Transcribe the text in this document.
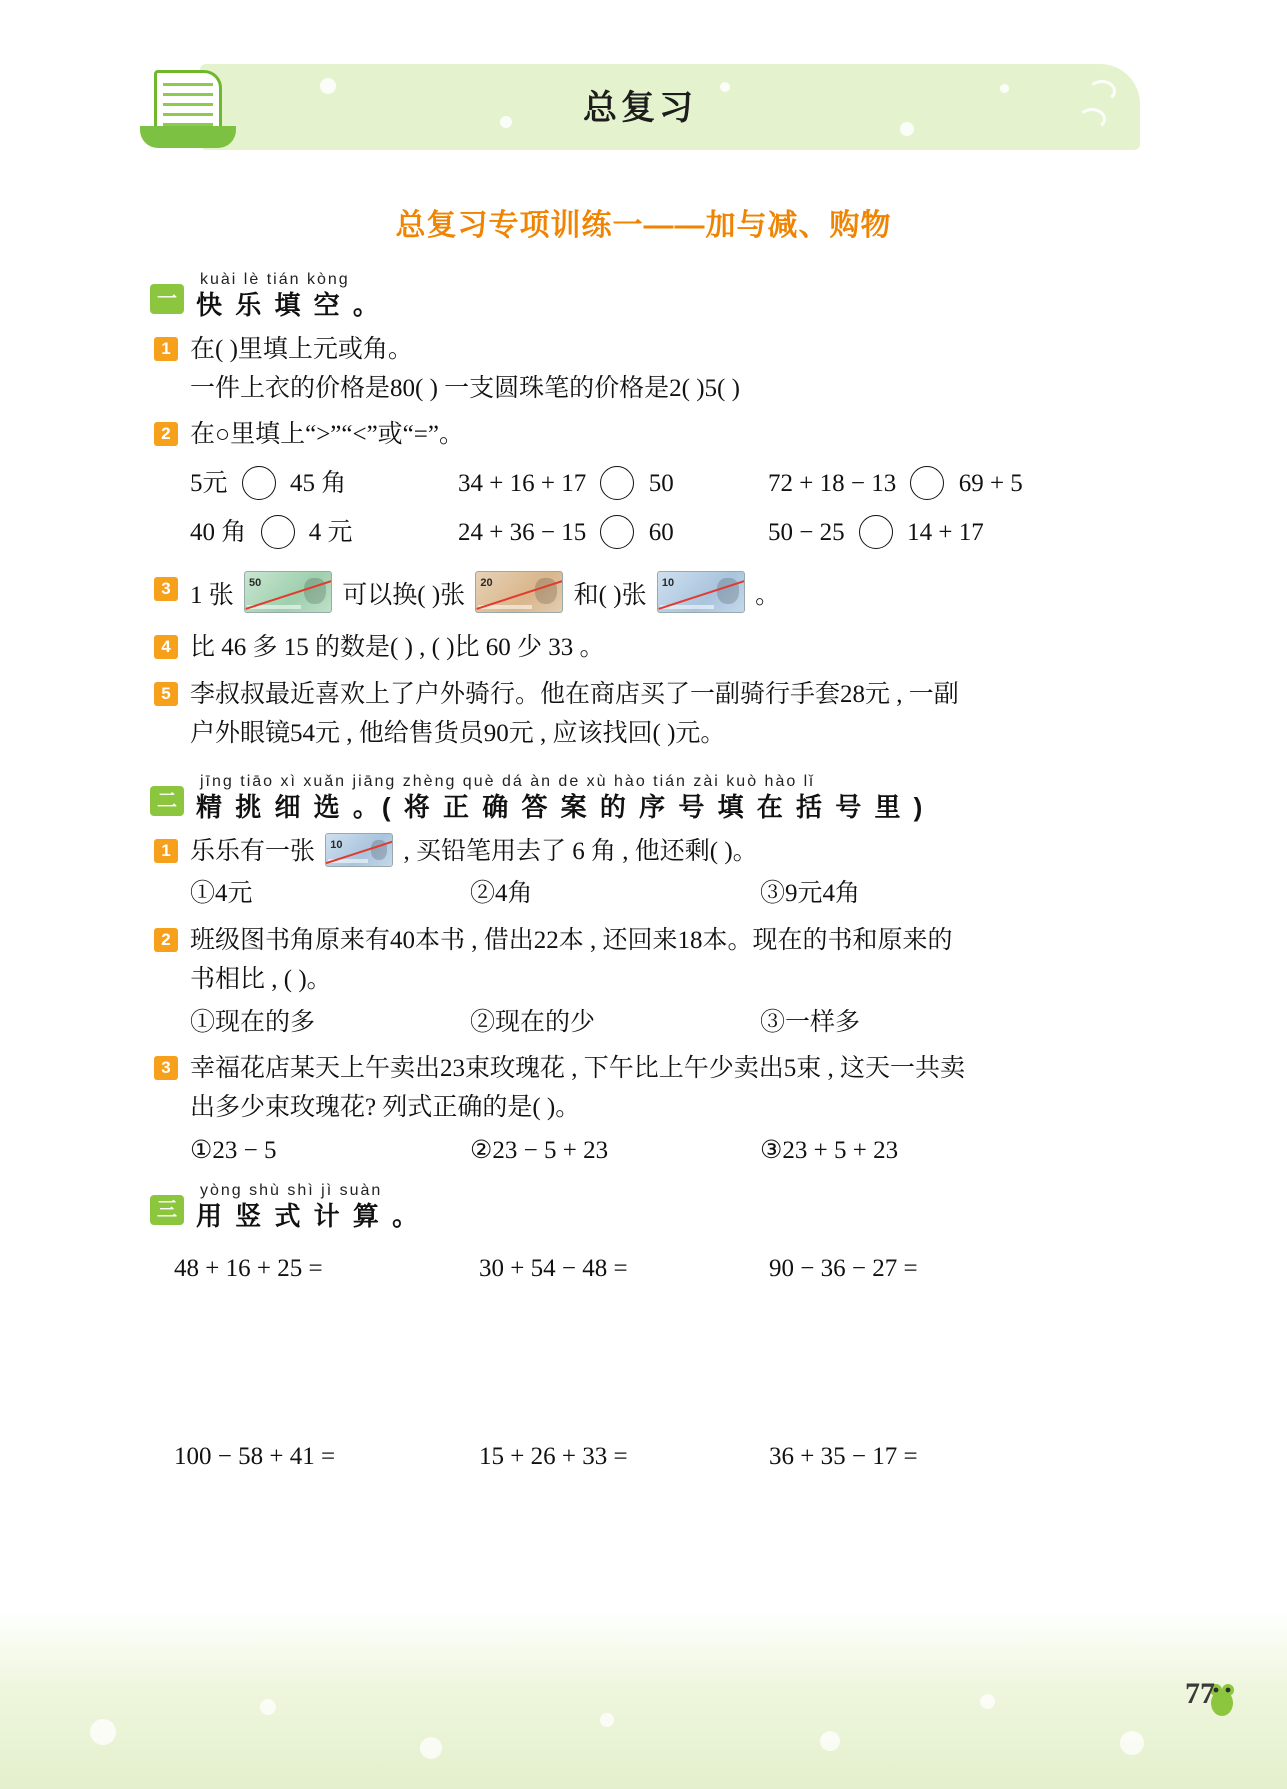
77
总复习
总复习专项训练一——加与减、购物
一
kuài lè tián kòng
快 乐 填 空 。
1 在( )里填上元或角。
一件上衣的价格是80( ) 一支圆珠笔的价格是2( )5( )
2 在○里填上“>”“<”或“=”。
5元	45 角	34 + 16 + 17	50	72 + 18 − 13	69 + 5
40 角	4 元	24 + 36 − 15	60	50 − 25	14 + 17
3 1 张 50	可以换( )张 20	和( )张 10	。
4 比 46 多 15 的数是( ) , ( )比 60 少 33 。
5 李叔叔最近喜欢上了户外骑行。他在商店买了一副骑行手套28元 , 一副
户外眼镜54元 , 他给售货员90元 , 应该找回( )元。
二
jīng tiāo xì xuǎn jiāng zhèng què dá àn de xù hào tián zài kuò hào lǐ
精 挑 细 选 。( 将 正 确 答 案 的 序 号 填 在 括 号 里 )
1 乐乐有一张 10 , 买铅笔用去了 6 角 , 他还剩( )。
①4元	②4角	③9元4角
2 班级图书角原来有40本书 , 借出22本 , 还回来18本。现在的书和原来的
书相比 , ( )。
①现在的多	②现在的少	③一样多
3 幸福花店某天上午卖出23束玫瑰花 , 下午比上午少卖出5束 , 这天一共卖
出多少束玫瑰花? 列式正确的是( )。
①23 − 5	②23 − 5 + 23	③23 + 5 + 23
三
yòng shù shì jì suàn
用 竖 式 计 算 。
48 + 16 + 25 =	30 + 54 − 48 =	90 − 36 − 27 =
100 − 58 + 41 =	15 + 26 + 33 =	36 + 35 − 17 =
